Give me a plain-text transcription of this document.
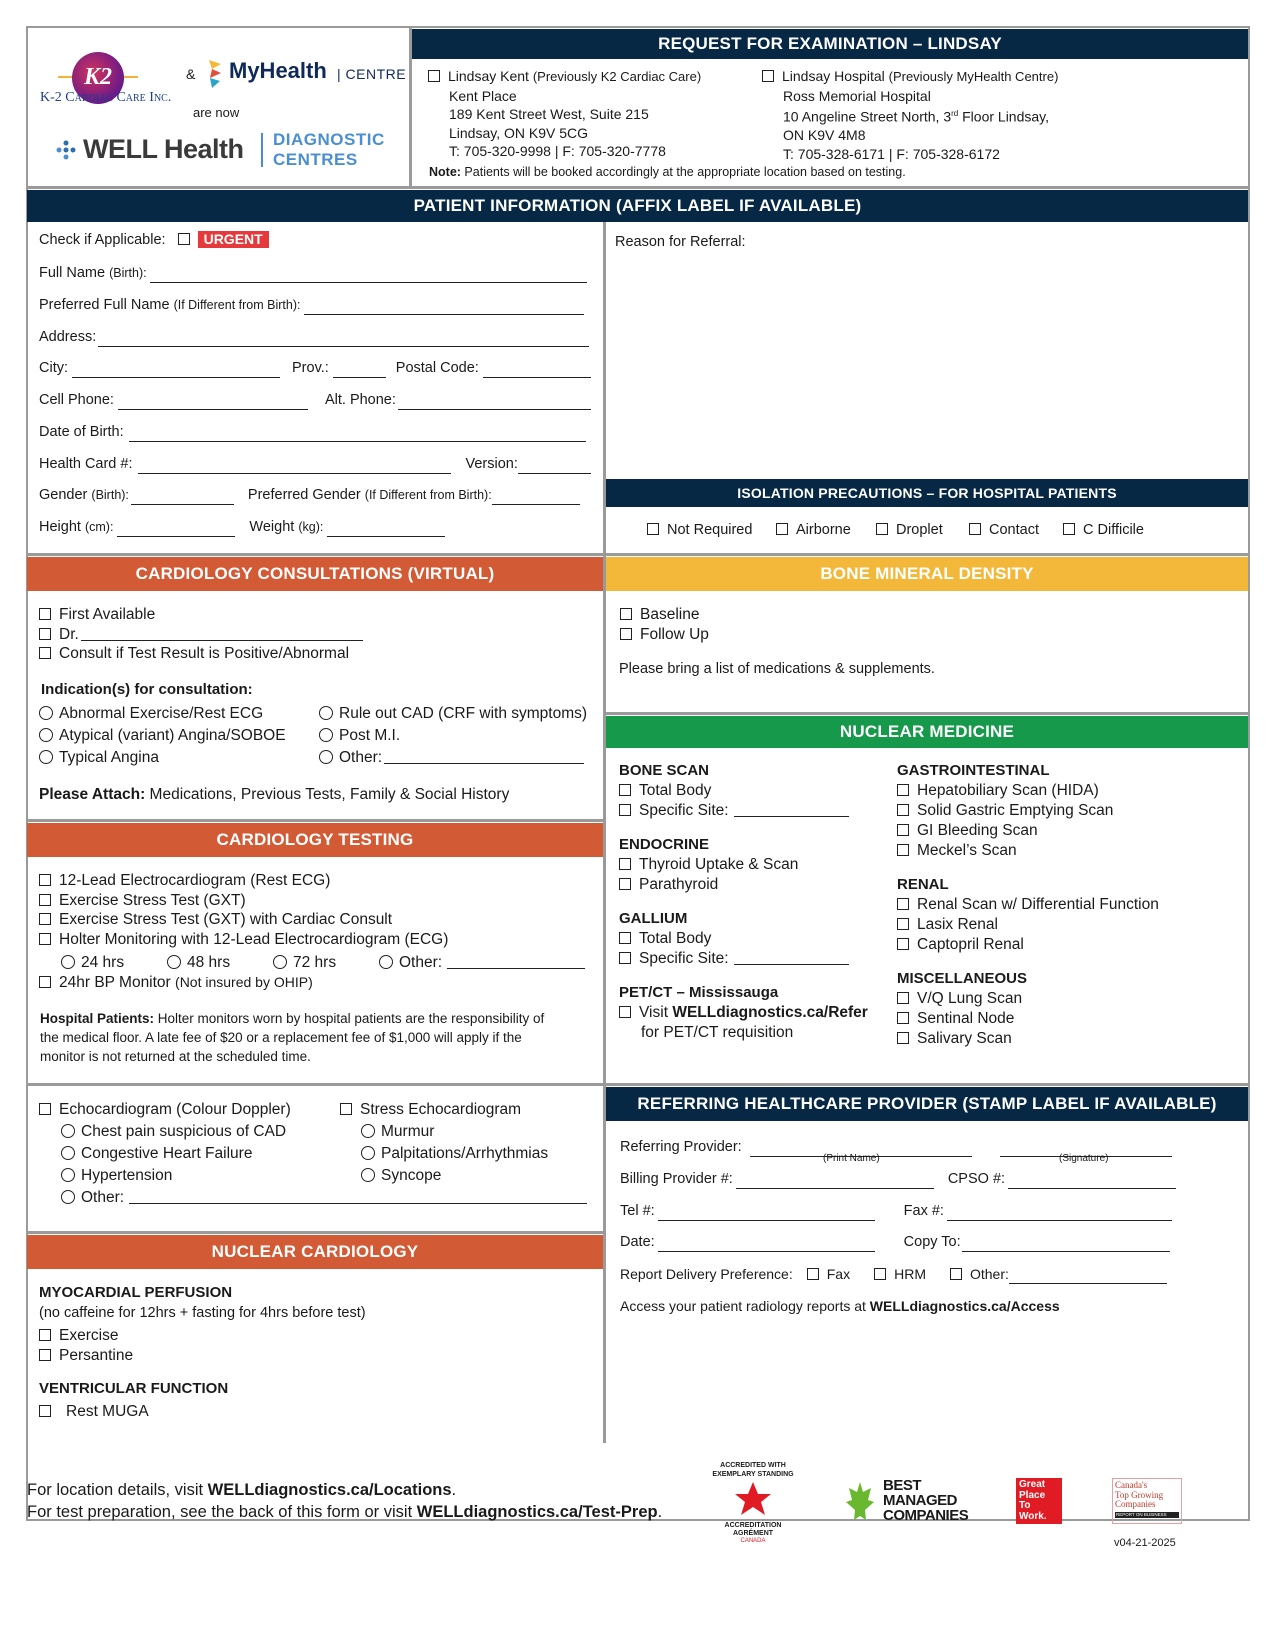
K2
K-2 Cardiac Care Inc.
& MyHealth | CENTRE
are now
WELL Health DIAGNOSTIC
CENTRES
REQUEST FOR EXAMINATION – LINDSAY
Lindsay Kent (Previously K2 Cardiac Care)
Kent Place
189 Kent Street West, Suite 215
Lindsay, ON K9V 5CG
T: 705-320-9998 | F: 705-320-7778
Lindsay Hospital (Previously MyHealth Centre)
Ross Memorial Hospital
10 Angeline Street North, 3rd Floor Lindsay,
ON K9V 4M8
T: 705-328-6171 | F: 705-328-6172
Note: Patients will be booked accordingly at the appropriate location based on testing.
PATIENT INFORMATION (AFFIX LABEL IF AVAILABLE)
Check if Applicable:	URGENT
Full Name
(Birth):
Preferred Full Name
(If Different from Birth):
Address:
City:	Prov.:	Postal Code:
Cell Phone:	Alt. Phone:
Date of Birth:
Health Card #:	Version:
Gender
(Birth):	Preferred Gender
(If Different from Birth):
Height
(cm):	Weight
(kg):
Reason for Referral:
ISOLATION PRECAUTIONS – FOR HOSPITAL PATIENTS
Not Required	Airborne	Droplet	Contact	C Difficile
CARDIOLOGY CONSULTATIONS (VIRTUAL)
First Available
Dr.
Consult if Test Result is Positive/Abnormal
Indication(s) for consultation:
Abnormal Exercise/Rest ECG
Atypical (variant) Angina/SOBOE
Typical Angina
Rule out CAD (CRF with symptoms)
Post M.I.
Other:
Please Attach: Medications, Previous Tests, Family & Social History
BONE MINERAL DENSITY
Baseline
Follow Up
Please bring a list of medications & supplements.
NUCLEAR MEDICINE
BONE SCAN
Total Body
Specific Site:
ENDOCRINE
Thyroid Uptake & Scan
Parathyroid
GALLIUM
Total Body
Specific Site:
PET/CT – Mississauga
Visit WELLdiagnostics.ca/Refer
for PET/CT requisition
GASTROINTESTINAL
Hepatobiliary Scan (HIDA)
Solid Gastric Emptying Scan
GI Bleeding Scan
Meckel’s Scan
RENAL
Renal Scan w/ Differential Function
Lasix Renal
Captopril Renal
MISCELLANEOUS
V/Q Lung Scan
Sentinal Node
Salivary Scan
CARDIOLOGY TESTING
12-Lead Electrocardiogram (Rest ECG)
Exercise Stress Test (GXT)
Exercise Stress Test (GXT) with Cardiac Consult
Holter Monitoring with 12-Lead Electrocardiogram (ECG)
24 hrs	48 hrs	72 hrs	Other:
24hr BP Monitor (Not insured by OHIP)
Hospital Patients: Holter monitors worn by hospital patients are the responsibility of
the medical floor. A late fee of $20 or a replacement fee of $1,000 will apply if the
monitor is not returned at the scheduled time.
Echocardiogram (Colour Doppler)
Chest pain suspicious of CAD
Congestive Heart Failure
Hypertension
Other:
Stress Echocardiogram
Murmur
Palpitations/Arrhythmias
Syncope
NUCLEAR CARDIOLOGY
MYOCARDIAL PERFUSION
(no caffeine for 12hrs + fasting for 4hrs before test)
Exercise
Persantine
VENTRICULAR FUNCTION
Rest MUGA
REFERRING HEALTHCARE PROVIDER (STAMP LABEL IF AVAILABLE)
Referring Provider:
(Print Name)	(Signature)
Billing Provider #:	CPSO #:
Tel #:	Fax #:
Date:	Copy To:
Report Delivery Preference:	Fax	HRM	Other:
Access your patient radiology reports at WELLdiagnostics.ca/Access
For location details, visit WELLdiagnostics.ca/Locations.
For test preparation, see the back of this form or visit WELLdiagnostics.ca/Test-Prep.
ACCREDITED WITH EXEMPLARY STANDING
ACCREDITATION
AGRÉMENT
CANADA
BEST
MANAGED
COMPANIES
Great
Place
To
Work.
Canada's
Top Growing
Companies
REPORT ON BUSINESS
v04-21-2025
